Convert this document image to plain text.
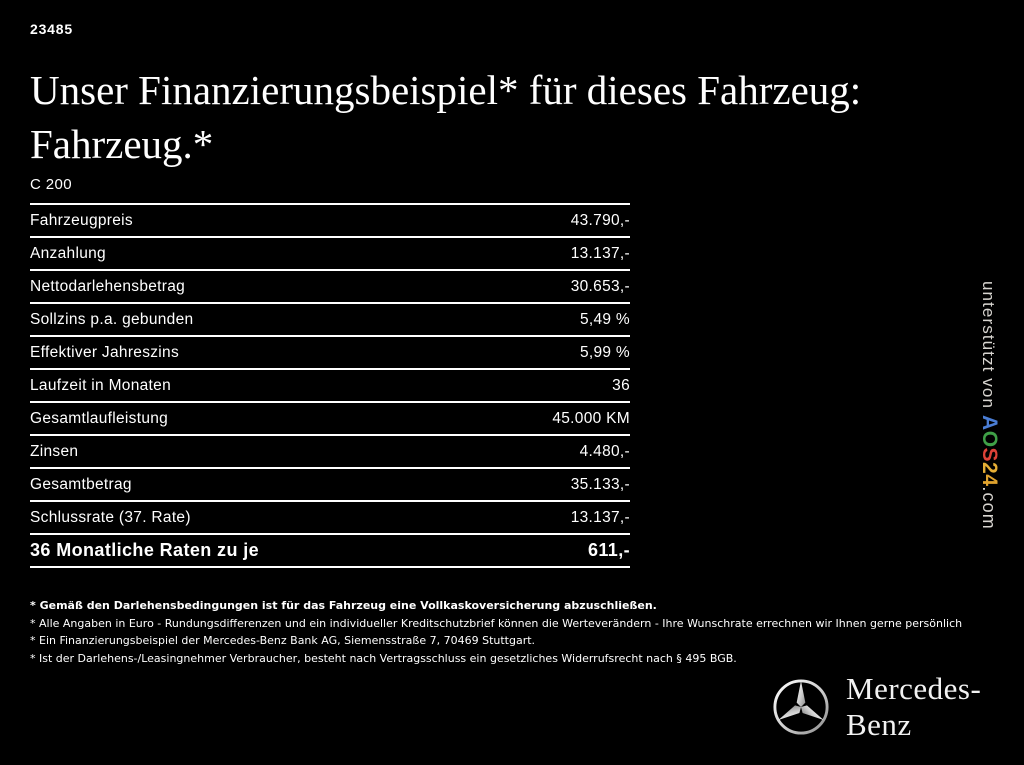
23485
Unser Finanzierungsbeispiel* für dieses Fahrzeug:
Fahrzeug.*
C 200
Fahrzeugpreis	43.790,-
Anzahlung	13.137,-
Nettodarlehensbetrag	30.653,-
Sollzins p.a. gebunden	5,49 %
Effektiver Jahreszins	5,99 %
Laufzeit in Monaten	36
Gesamtlaufleistung	45.000 KM
Zinsen	4.480,-
Gesamtbetrag	35.133,-
Schlussrate (37. Rate)	13.137,-
36 Monatliche Raten zu je	611,-
* Gemäß den Darlehensbedingungen ist für das Fahrzeug eine Vollkaskoversicherung abzuschließen.
* Alle Angaben in Euro - Rundungsdifferenzen und ein individueller Kreditschutzbrief können die Werteverändern - Ihre Wunschrate errechnen wir Ihnen gerne persönlich
* Ein Finanzierungsbeispiel der Mercedes-Benz Bank AG, Siemensstraße 7, 70469 Stuttgart.
* Ist der Darlehens-/Leasingnehmer Verbraucher, besteht nach Vertragsschluss ein gesetzliches Widerrufsrecht nach § 495 BGB.
unterstützt vonAOS24.com
Mercedes-Benz
